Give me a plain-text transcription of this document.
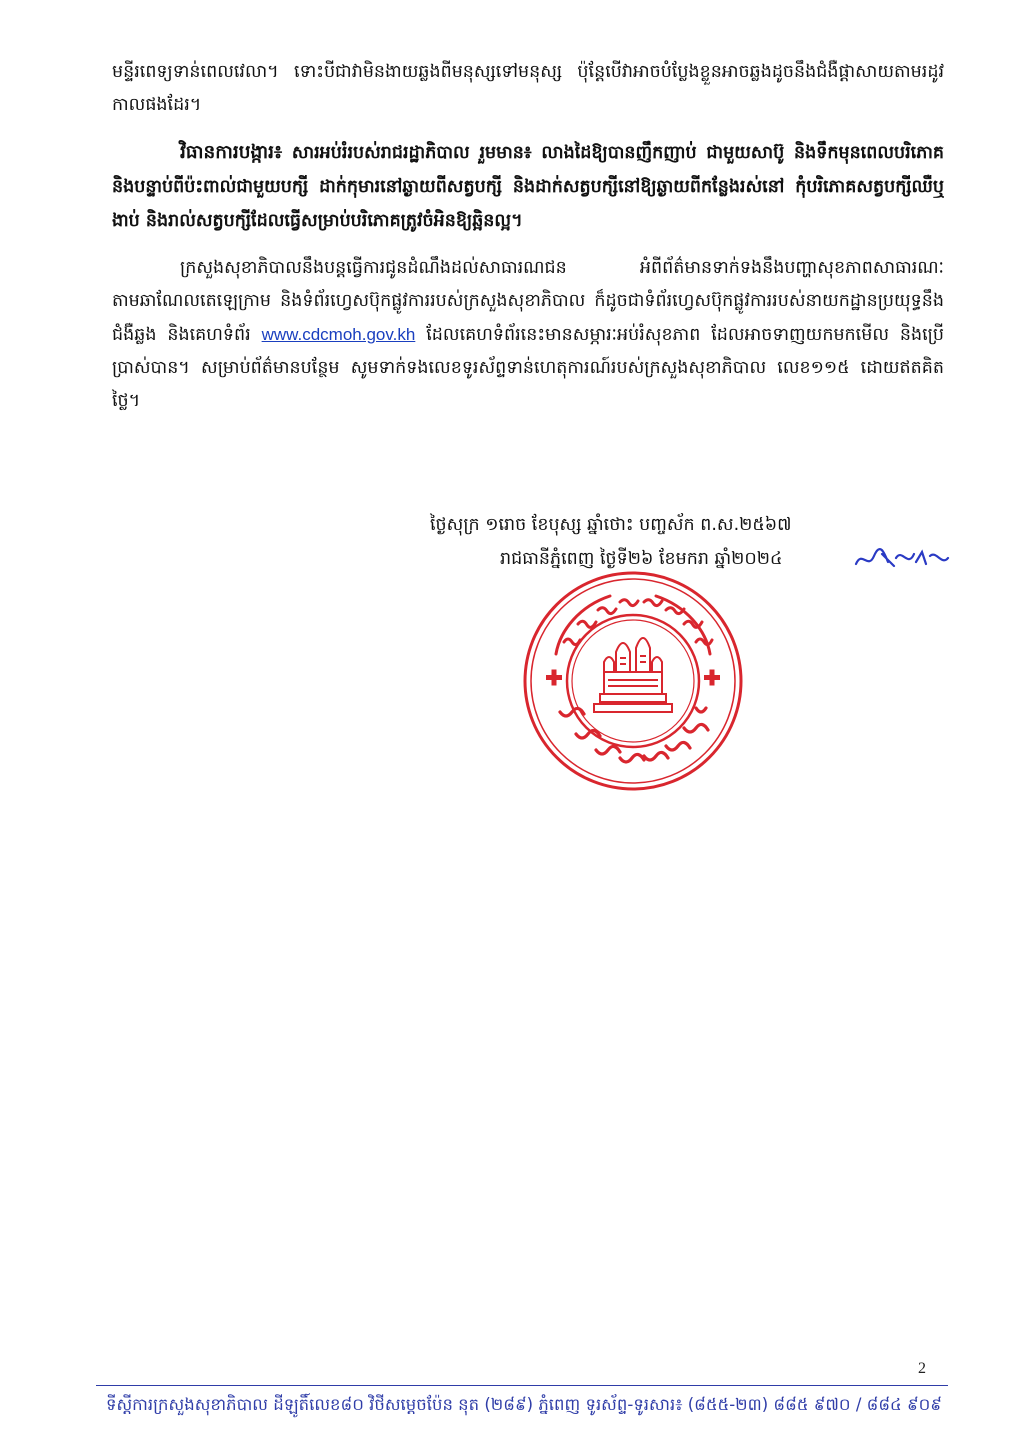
មន្ទីរពេទ្យទាន់ពេលវេលា។ ទោះបីជាវាមិនងាយឆ្លងពីមនុស្សទៅមនុស្ស ប៉ុន្តែបើវាអាចបំប្លែងខ្លួនអាចឆ្លងដូចនឹងជំងឺផ្តាសាយតាមរដូវកាលផងដែរ។

វិធានការបង្ការ៖ សារអប់រំរបស់រាជរដ្ឋាភិបាល រួមមាន៖ លាងដៃឱ្យបានញឹកញាប់ ជាមួយសាប៊ូ និងទឹកមុនពេលបរិភោគ និងបន្ទាប់ពីប៉ះពាល់ជាមួយបក្សី ដាក់កុមារនៅឆ្ងាយពីសត្វបក្សី និងដាក់សត្វបក្សីនៅឱ្យឆ្ងាយពីកន្លែងរស់នៅ កុំបរិភោគសត្វបក្សីឈឺឬងាប់ និងរាល់សត្វបក្សីដែលធ្វើសម្រាប់បរិភោគត្រូវចំអិនឱ្យឆ្អិនល្អ។

ក្រសួងសុខាភិបាលនឹងបន្តធ្វើការជូនដំណឹងដល់សាធារណជន អំពីព័ត៌មានទាក់ទងនឹងបញ្ហាសុខភាពសាធារណៈ តាមឆាណែលតេឡេក្រាម និងទំព័រហ្វេសប៊ុកផ្លូវការរបស់ក្រសួងសុខាភិបាល ក៏ដូចជាទំព័រហ្វេសប៊ុកផ្លូវការរបស់នាយកដ្ឋានប្រយុទ្ធនឹងជំងឺឆ្លង និងគេហទំព័រ www.cdcmoh.gov.kh ដែលគេហទំព័រនេះមានសម្ភារៈអប់រំសុខភាព ដែលអាចទាញយកមកមើល និងប្រើប្រាស់បាន។ សម្រាប់ព័ត៌មានបន្ថែម សូមទាក់ទងលេខទូរស័ព្ទទាន់ហេតុការណ៍របស់ក្រសួងសុខាភិបាល លេខ១១៥ ដោយឥតគិតថ្លៃ។

ថ្ងៃសុក្រ ១រោច ខែបុស្ស ឆ្នាំថោះ បញ្ចស័ក ព.ស.២៥៦៧
រាជធានីភ្នំពេញ ថ្ងៃទី២៦ ខែមករា ឆ្នាំ២០២៤
2
ទីស្តីការក្រសួងសុខាភិបាល ដីឡូតិ៍លេខ៨០ វិថីសម្តេចប៉ែន នុត (២៨៩) ភ្នំពេញ ទូរស័ព្ទ-ទូរសារ៖ (៨៥៥-២៣) ៨៨៥ ៩៧០ / ៨៨៤ ៩០៩
